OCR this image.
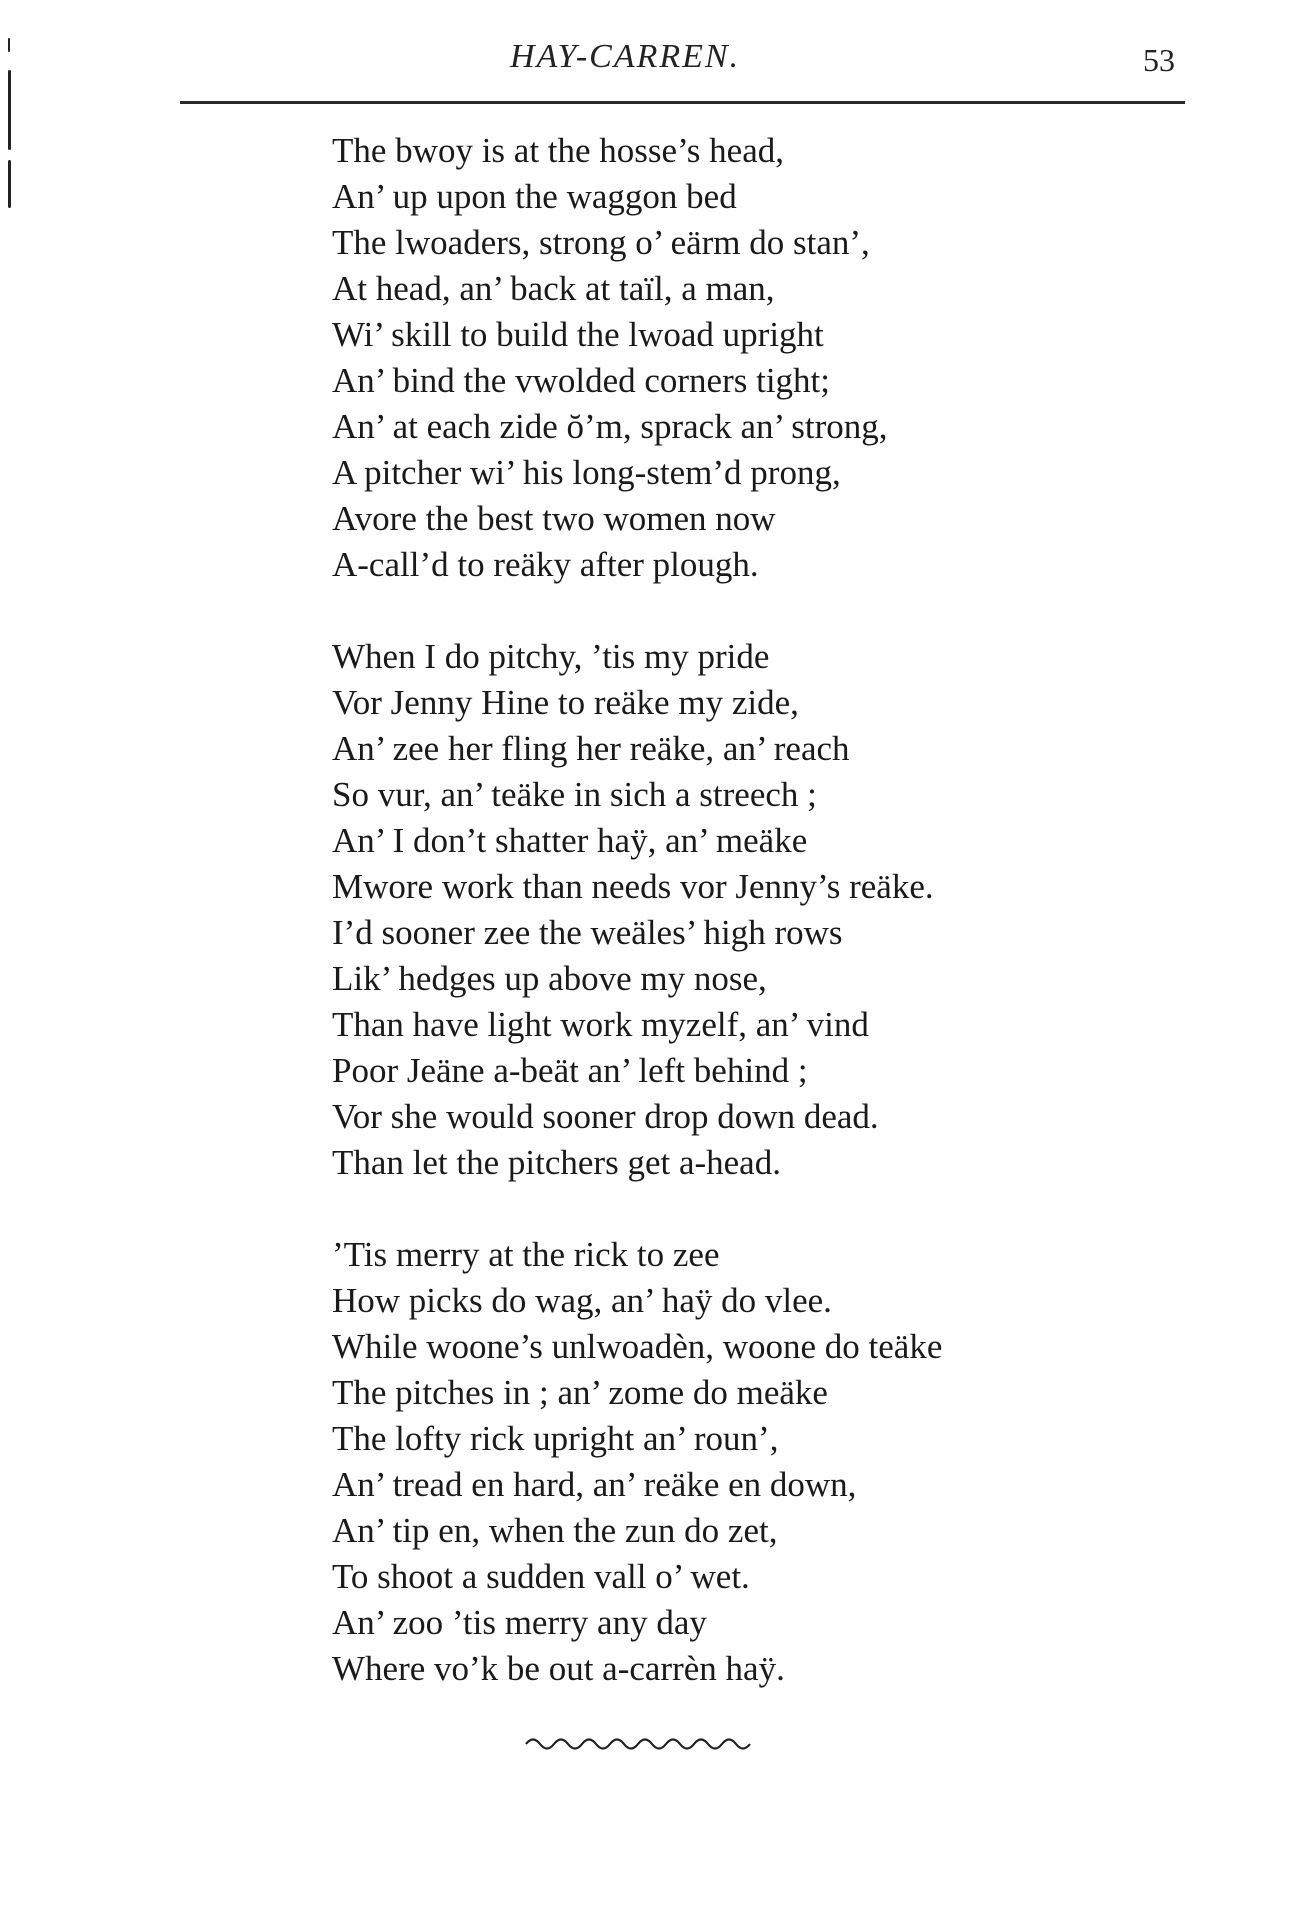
HAY-CARREN.	53
The bwoy is at the hosse’s head,
An’ up upon the waggon bed
The lwoaders, strong o’ eärm do stan’,
At head, an’ back at taïl, a man,
Wi’ skill to build the lwoad upright
An’ bind the vwolded corners tight;
An’ at each zide ŏ’m, sprack an’ strong,
A pitcher wi’ his long-stem’d prong,
Avore the best two women now
A-call’d to reäky after plough.
When I do pitchy, ’tis my pride
Vor Jenny Hine to reäke my zide,
An’ zee her fling her reäke, an’ reach
So vur, an’ teäke in sich a streech ;
An’ I don’t shatter haÿ, an’ meäke
Mwore work than needs vor Jenny’s reäke.
I’d sooner zee the weäles’ high rows
Lik’ hedges up above my nose,
Than have light work myzelf, an’ vind
Poor Jeäne a-beät an’ left behind ;
Vor she would sooner drop down dead.
Than let the pitchers get a-head.
’Tis merry at the rick to zee
How picks do wag, an’ haÿ do vlee.
While woone’s unlwoadèn, woone do teäke
The pitches in ; an’ zome do meäke
The lofty rick upright an’ roun’,
An’ tread en hard, an’ reäke en down,
An’ tip en, when the zun do zet,
To shoot a sudden vall o’ wet.
An’ zoo ’tis merry any day
Where vo’k be out a-carrèn haÿ.
